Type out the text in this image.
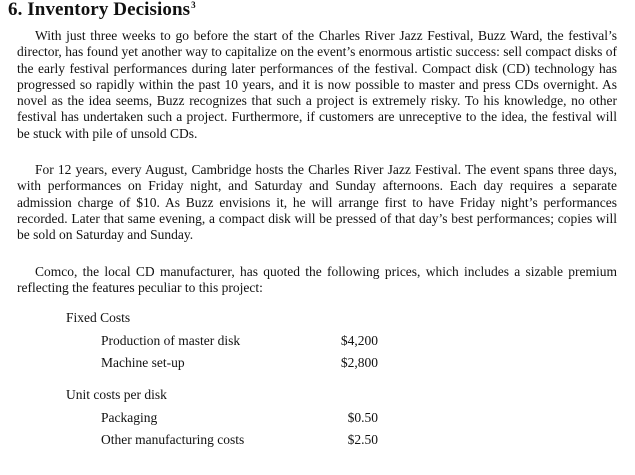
6. Inventory Decisions$^3$

With just three weeks to go before the start of the Charles River Jazz Festival, Buzz Ward, the festival’s director, has found yet another way to capitalize on the event’s enormous artistic success: sell compact disks of the early festival performances during later performances of the festival. Compact disk (CD) technology has progressed so rapidly within the past 10 years, and it is now possible to master and press CDs overnight. As novel as the idea seems, Buzz recognizes that such a project is extremely risky. To his knowledge, no other festival has undertaken such a project. Furthermore, if customers are unreceptive to the idea, the festival will be stuck with pile of unsold CDs.

For 12 years, every August, Cambridge hosts the Charles River Jazz Festival. The event spans three days, with performances on Friday night, and Saturday and Sunday afternoons. Each day requires a separate admission charge of $10. As Buzz envisions it, he will arrange first to have Friday night’s performances recorded. Later that same evening, a compact disk will be pressed of that day’s best performances; copies will be sold on Saturday and Sunday.

Comco, the local CD manufacturer, has quoted the following prices, which includes a sizable premium reflecting the features peculiar to this project:

Fixed Costs
Production of master disk	$4,200
Machine set-up	$2,800
Unit costs per disk
Packaging	$0.50
Other manufacturing costs	$2.50
